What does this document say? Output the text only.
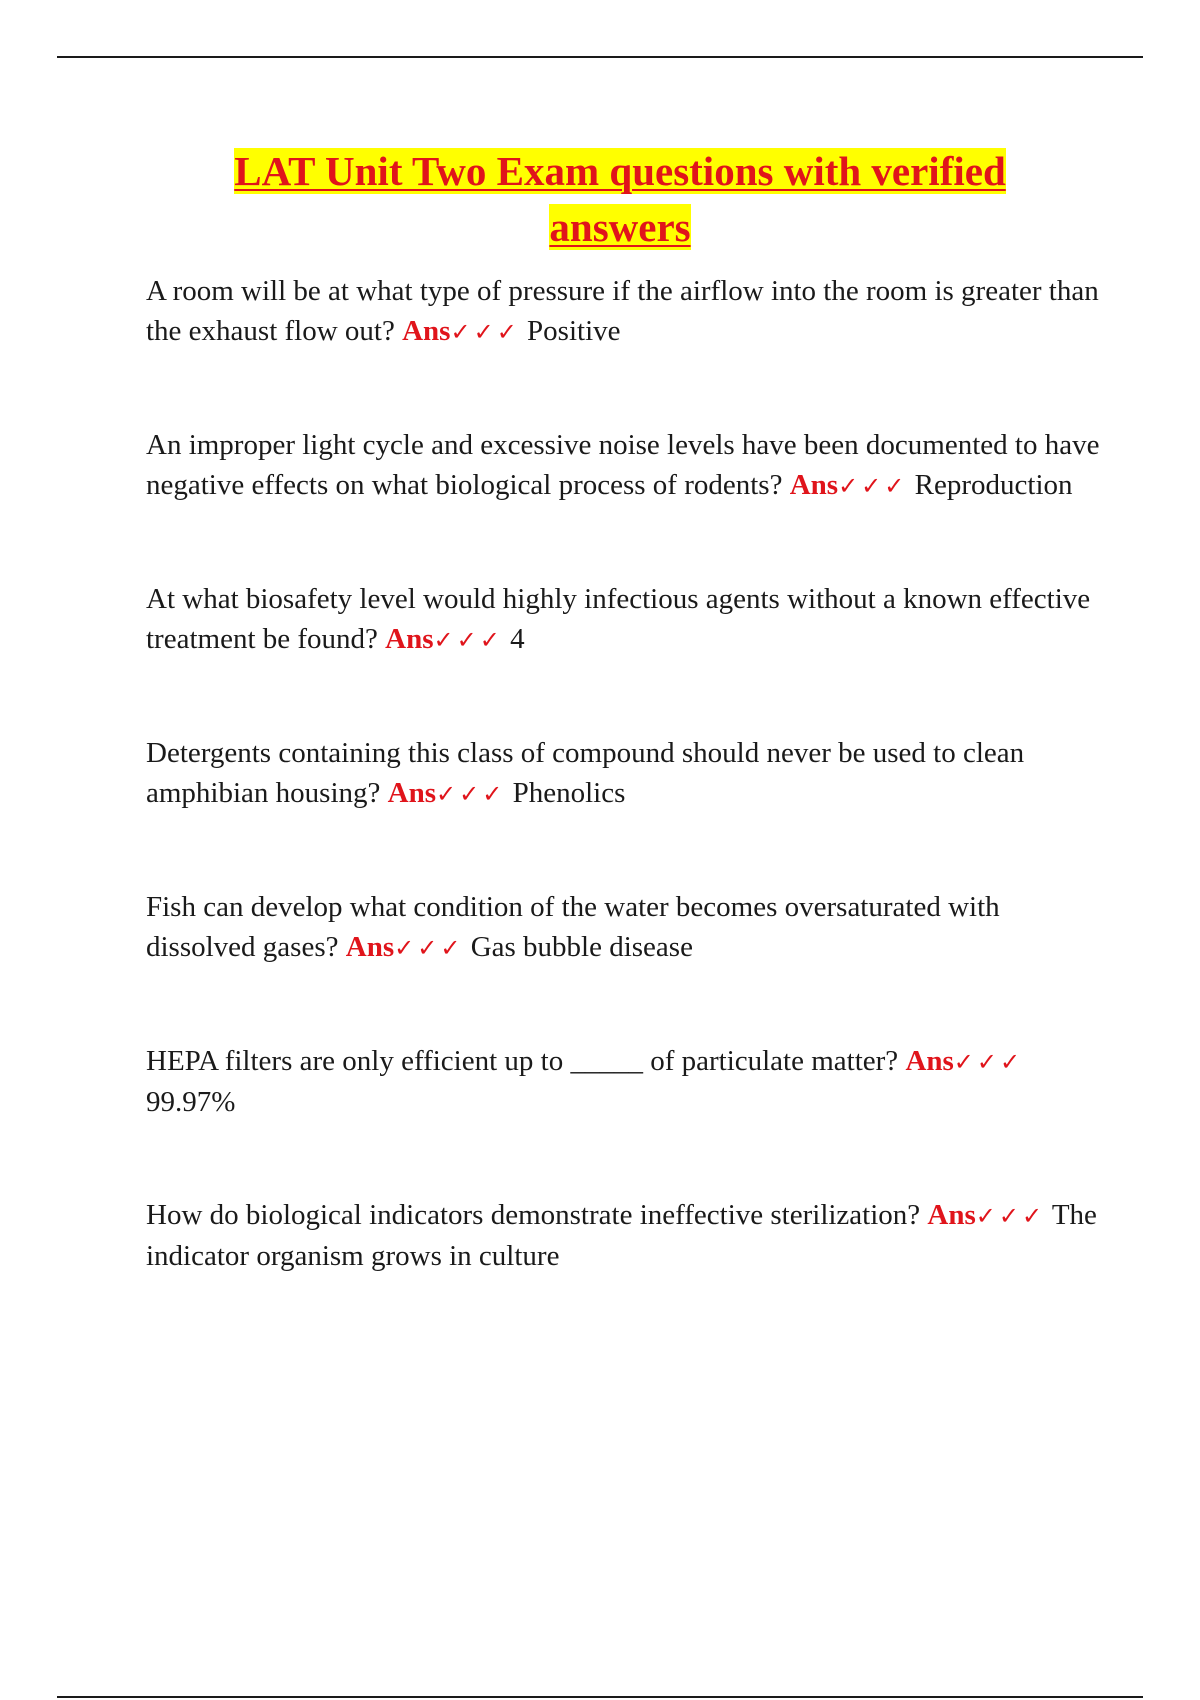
LAT Unit Two Exam questions with verified
answers

A room will be at what type of pressure if the airflow into the room is greater than the exhaust flow out? Ans✓✓✓ Positive

An improper light cycle and excessive noise levels have been documented to have negative effects on what biological process of rodents? Ans✓✓✓ Reproduction

At what biosafety level would highly infectious agents without a known effective treatment be found? Ans✓✓✓ 4

Detergents containing this class of compound should never be used to clean amphibian housing? Ans✓✓✓ Phenolics

Fish can develop what condition of the water becomes oversaturated with dissolved gases? Ans✓✓✓ Gas bubble disease

HEPA filters are only efficient up to _____ of particulate matter? Ans✓✓✓ 99.97%

How do biological indicators demonstrate ineffective sterilization? Ans✓✓✓ The indicator organism grows in culture
